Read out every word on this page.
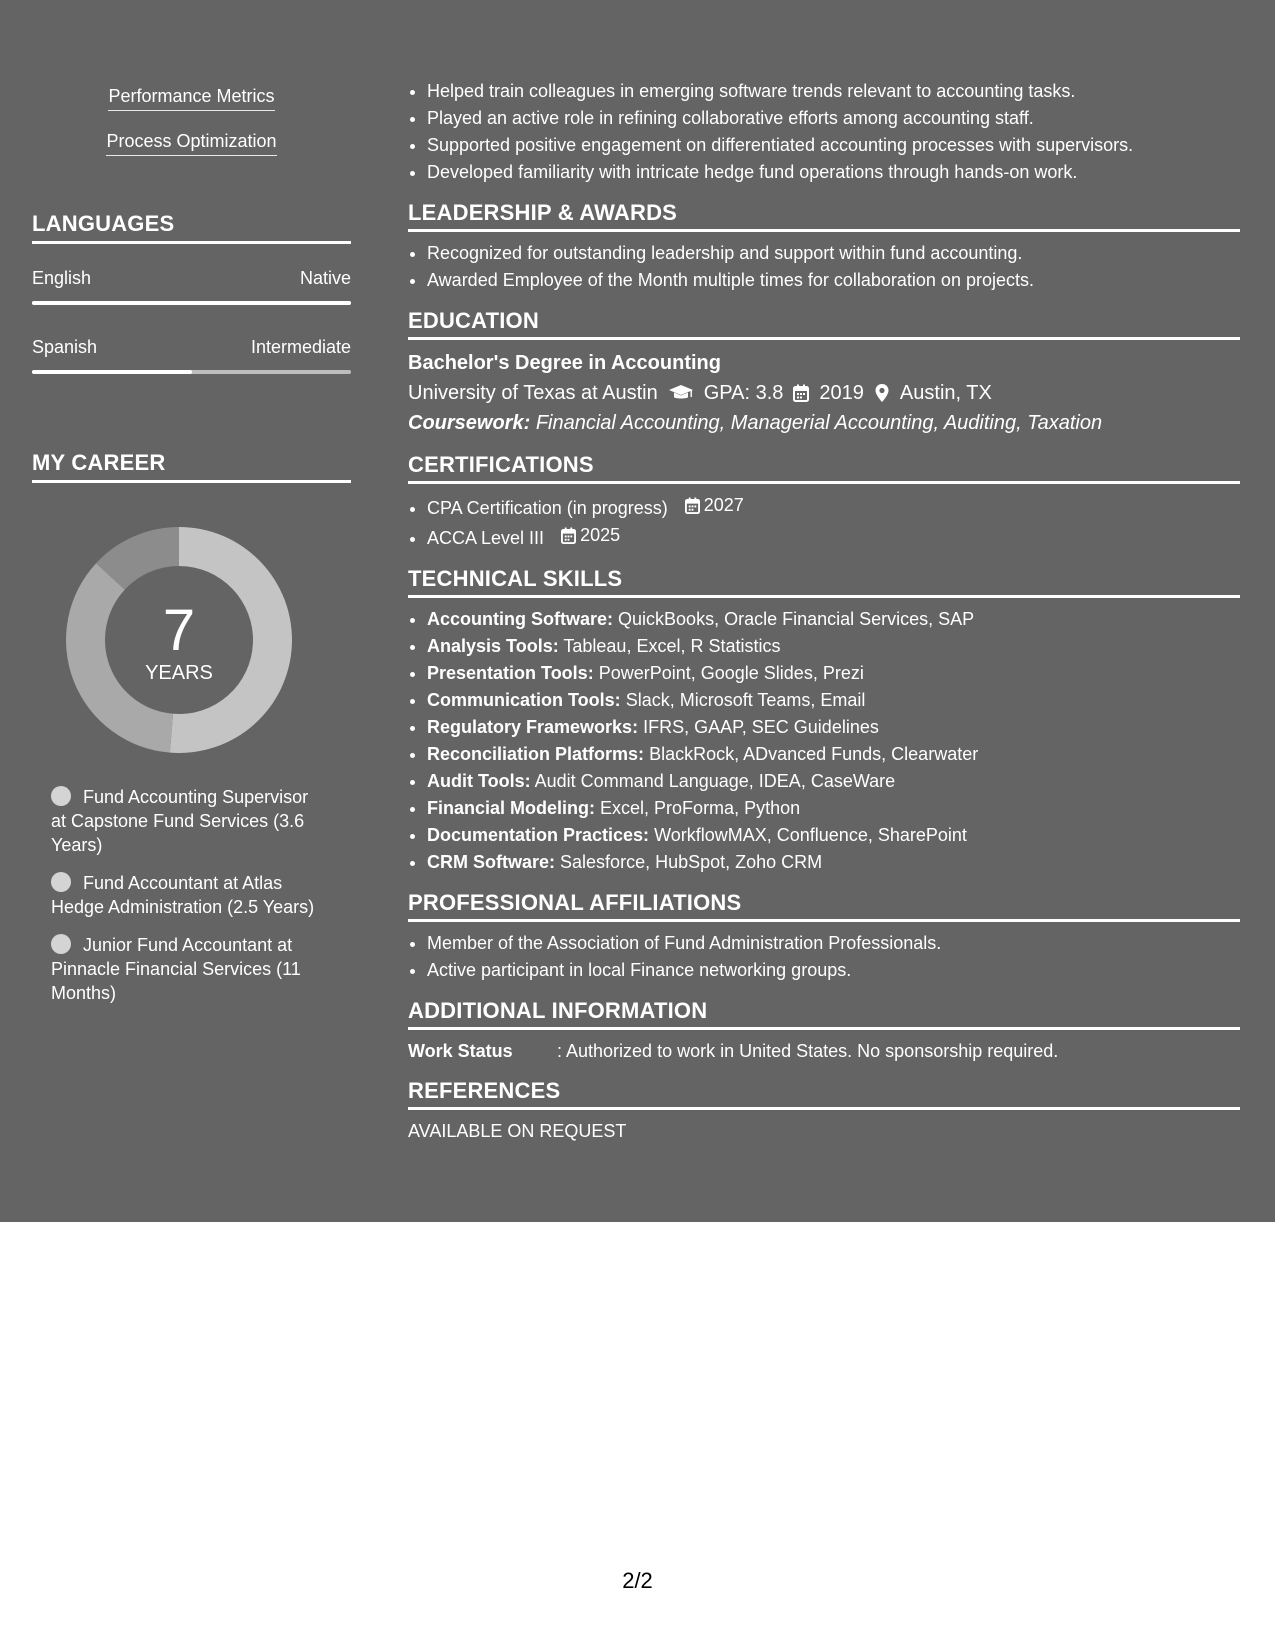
Performance Metrics
Process Optimization
LANGUAGES
English	Native
Spanish	Intermediate
MY CAREER
7
YEARS
Fund Accounting Supervisor at Capstone Fund Services (3.6 Years)
Fund Accountant at Atlas Hedge Administration (2.5 Years)
Junior Fund Accountant at Pinnacle Financial Services (11 Months)
• Helped train colleagues in emerging software trends relevant to accounting tasks.
• Played an active role in refining collaborative efforts among accounting staff.
• Supported positive engagement on differentiated accounting processes with supervisors.
• Developed familiarity with intricate hedge fund operations through hands-on work.
LEADERSHIP & AWARDS
• Recognized for outstanding leadership and support within fund accounting.
• Awarded Employee of the Month multiple times for collaboration on projects.
EDUCATION
Bachelor's Degree in Accounting
University of Texas at Austin GPA: 3.8 2019 Austin, TX
Coursework: Financial Accounting, Managerial Accounting, Auditing, Taxation
CERTIFICATIONS
• CPA Certification (in progress) 2027
• ACCA Level III 2025
TECHNICAL SKILLS
• Accounting Software: QuickBooks, Oracle Financial Services, SAP
• Analysis Tools: Tableau, Excel, R Statistics
• Presentation Tools: PowerPoint, Google Slides, Prezi
• Communication Tools: Slack, Microsoft Teams, Email
• Regulatory Frameworks: IFRS, GAAP, SEC Guidelines
• Reconciliation Platforms: BlackRock, ADvanced Funds, Clearwater
• Audit Tools: Audit Command Language, IDEA, CaseWare
• Financial Modeling: Excel, ProForma, Python
• Documentation Practices: WorkflowMAX, Confluence, SharePoint
• CRM Software: Salesforce, HubSpot, Zoho CRM
PROFESSIONAL AFFILIATIONS
• Member of the Association of Fund Administration Professionals.
• Active participant in local Finance networking groups.
ADDITIONAL INFORMATION
Work Status	: Authorized to work in United States. No sponsorship required.
REFERENCES
AVAILABLE ON REQUEST
2/2
